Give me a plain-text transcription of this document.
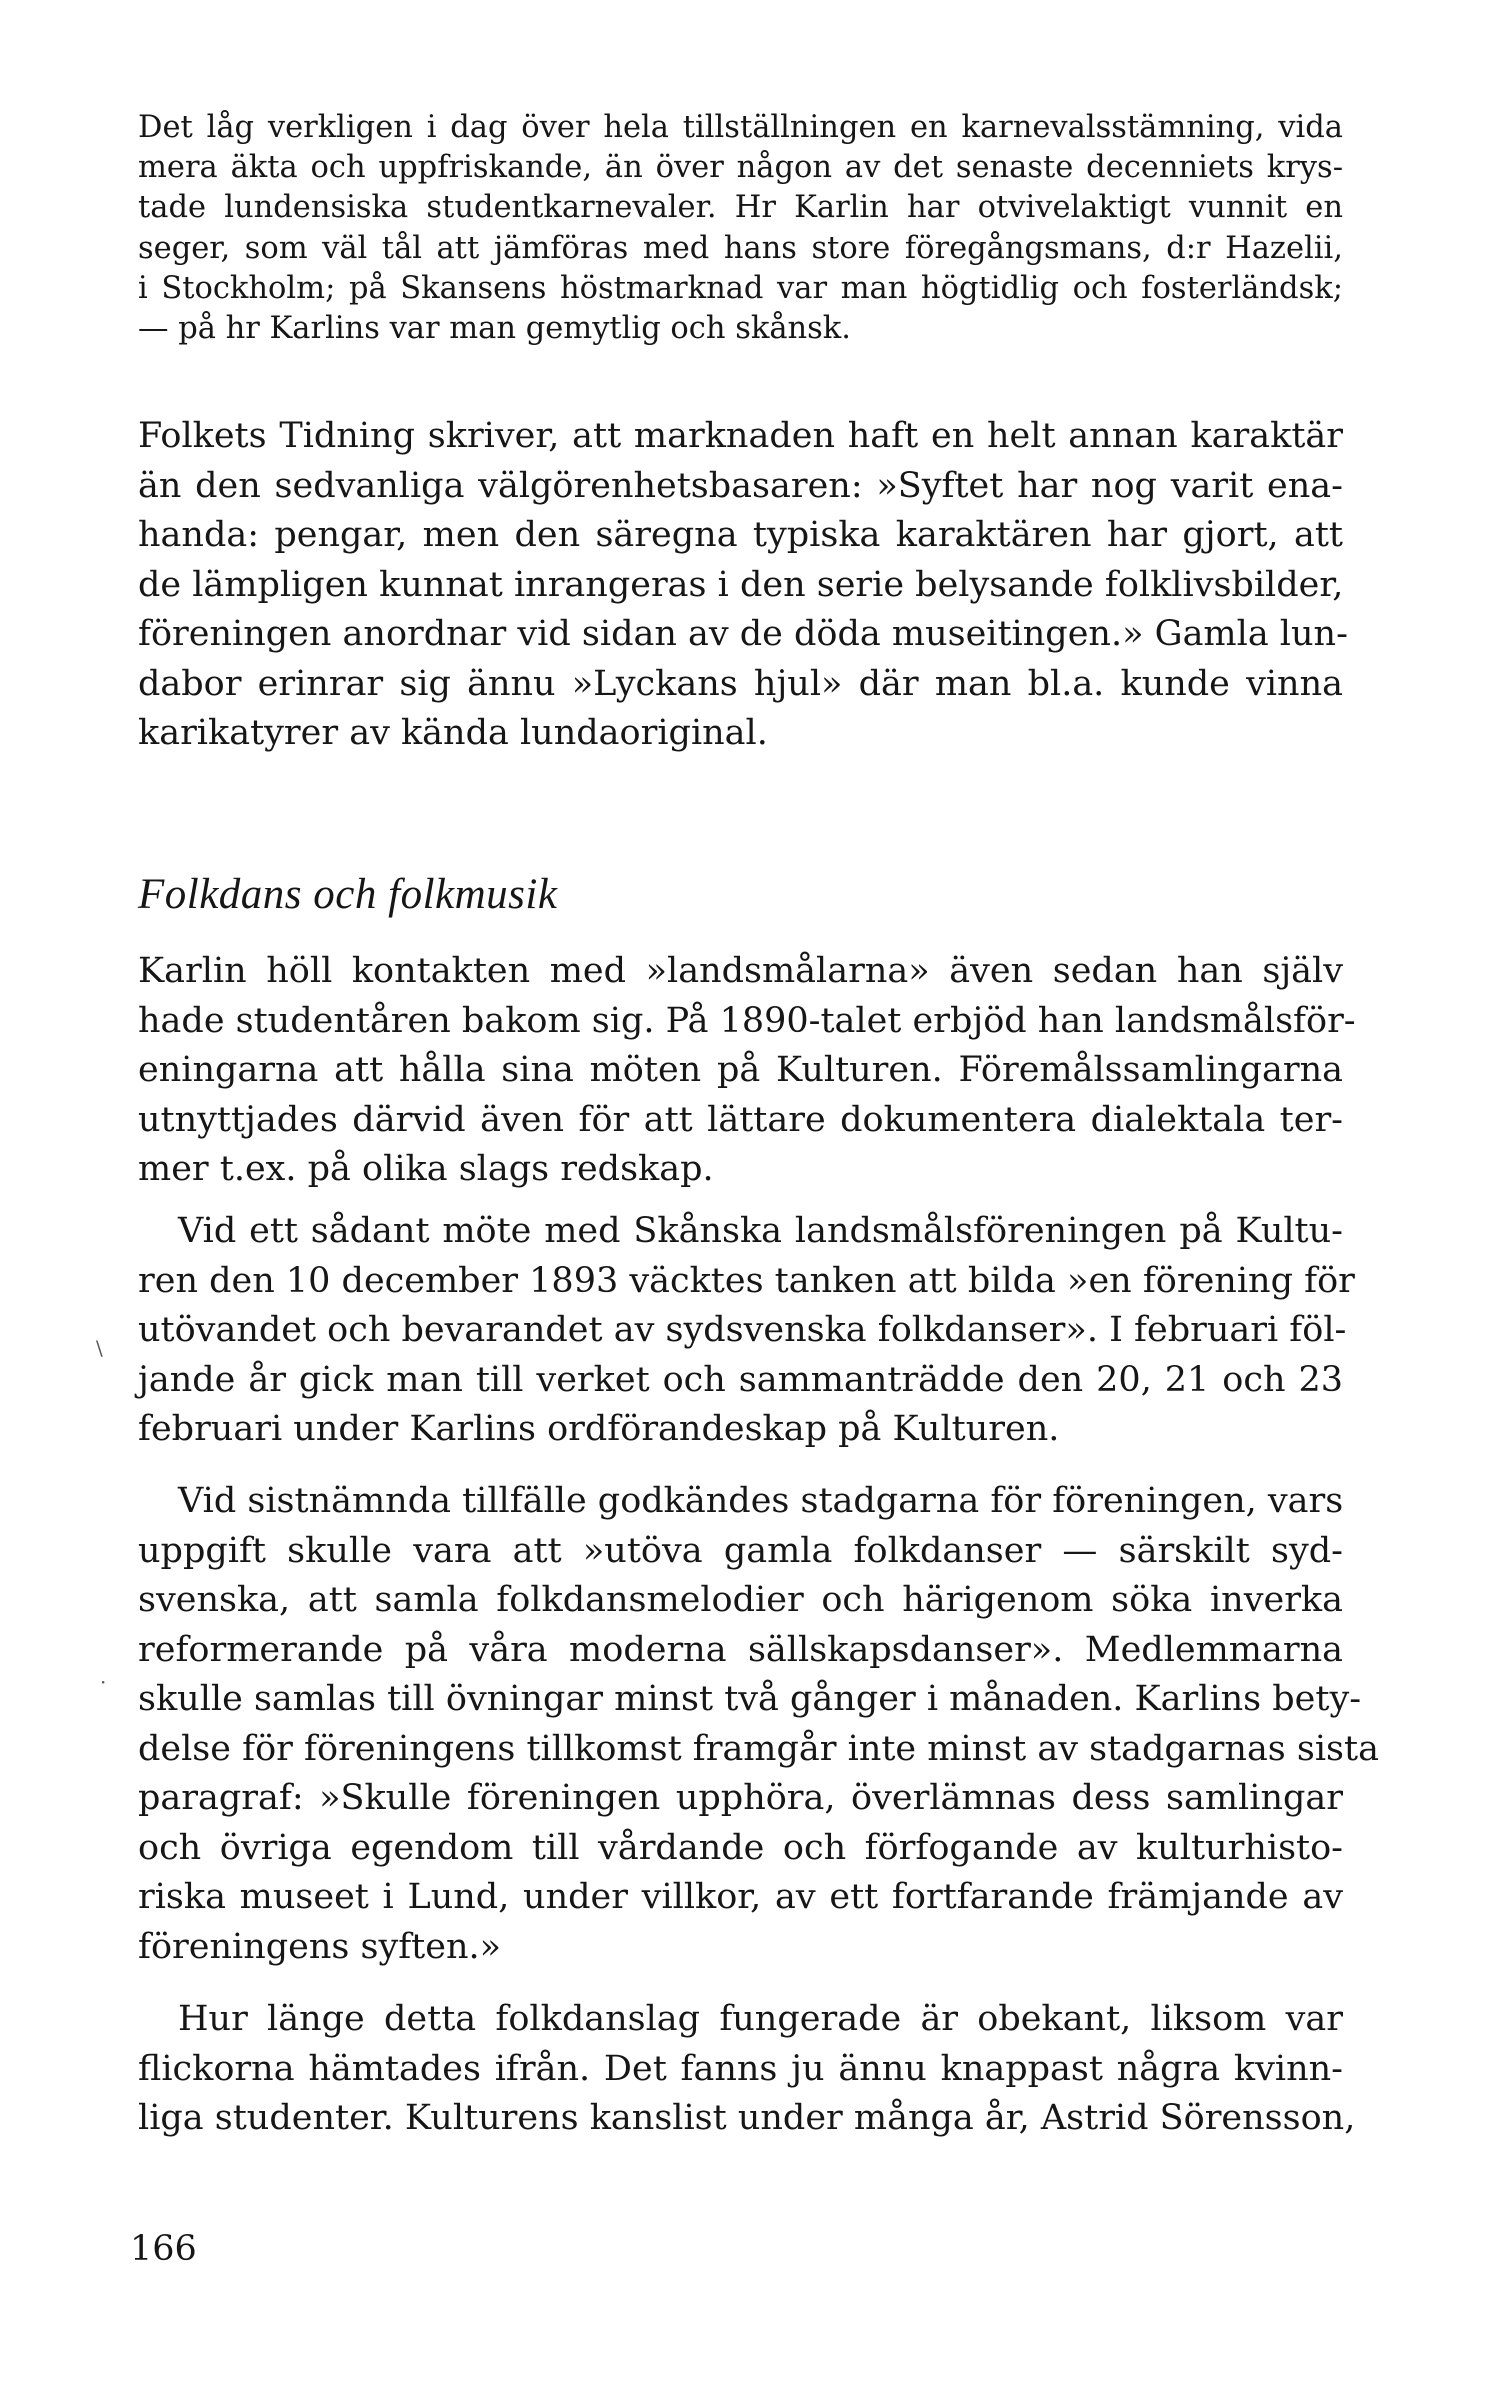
Det låg verkligen i dag över hela tillställningen en karnevalsstämning, vida
mera äkta och uppfriskande, än över någon av det senaste decenniets krys-
tade lundensiska studentkarnevaler. Hr Karlin har otvivelaktigt vunnit en
seger, som väl tål att jämföras med hans store föregångsmans, d:r Hazelii,
i Stockholm; på Skansens höstmarknad var man högtidlig och fosterländsk;
— på hr Karlins var man gemytlig och skånsk.
Folkets Tidning skriver, att marknaden haft en helt annan karaktär
än den sedvanliga välgörenhetsbasaren: »Syftet har nog varit ena-
handa: pengar, men den säregna typiska karaktären har gjort, att
de lämpligen kunnat inrangeras i den serie belysande folklivsbilder,
föreningen anordnar vid sidan av de döda museitingen.» Gamla lun-
dabor erinrar sig ännu »Lyckans hjul» där man bl.a. kunde vinna
karikatyrer av kända lundaoriginal.
Folkdans och folkmusik
Karlin höll kontakten med »landsmålarna» även sedan han själv
hade studentåren bakom sig. På 1890-talet erbjöd han landsmålsför-
eningarna att hålla sina möten på Kulturen. Föremålssamlingarna
utnyttjades därvid även för att lättare dokumentera dialektala ter-
mer t.ex. på olika slags redskap.
Vid ett sådant möte med Skånska landsmålsföreningen på Kultu-
ren den 10 december 1893 väcktes tanken att bilda »en förening för
utövandet och bevarandet av sydsvenska folkdanser». I februari föl-
jande år gick man till verket och sammanträdde den 20, 21 och 23
februari under Karlins ordförandeskap på Kulturen.
Vid sistnämnda tillfälle godkändes stadgarna för föreningen, vars
uppgift skulle vara att »utöva gamla folkdanser — särskilt syd-
svenska, att samla folkdansmelodier och härigenom söka inverka
reformerande på våra moderna sällskapsdanser». Medlemmarna
skulle samlas till övningar minst två gånger i månaden. Karlins bety-
delse för föreningens tillkomst framgår inte minst av stadgarnas sista
paragraf: »Skulle föreningen upphöra, överlämnas dess samlingar
och övriga egendom till vårdande och förfogande av kulturhisto-
riska museet i Lund, under villkor, av ett fortfarande främjande av
föreningens syften.»
Hur länge detta folkdanslag fungerade är obekant, liksom var
flickorna hämtades ifrån. Det fanns ju ännu knappast några kvinn-
liga studenter. Kulturens kanslist under många år, Astrid Sörensson,
166
\
·
